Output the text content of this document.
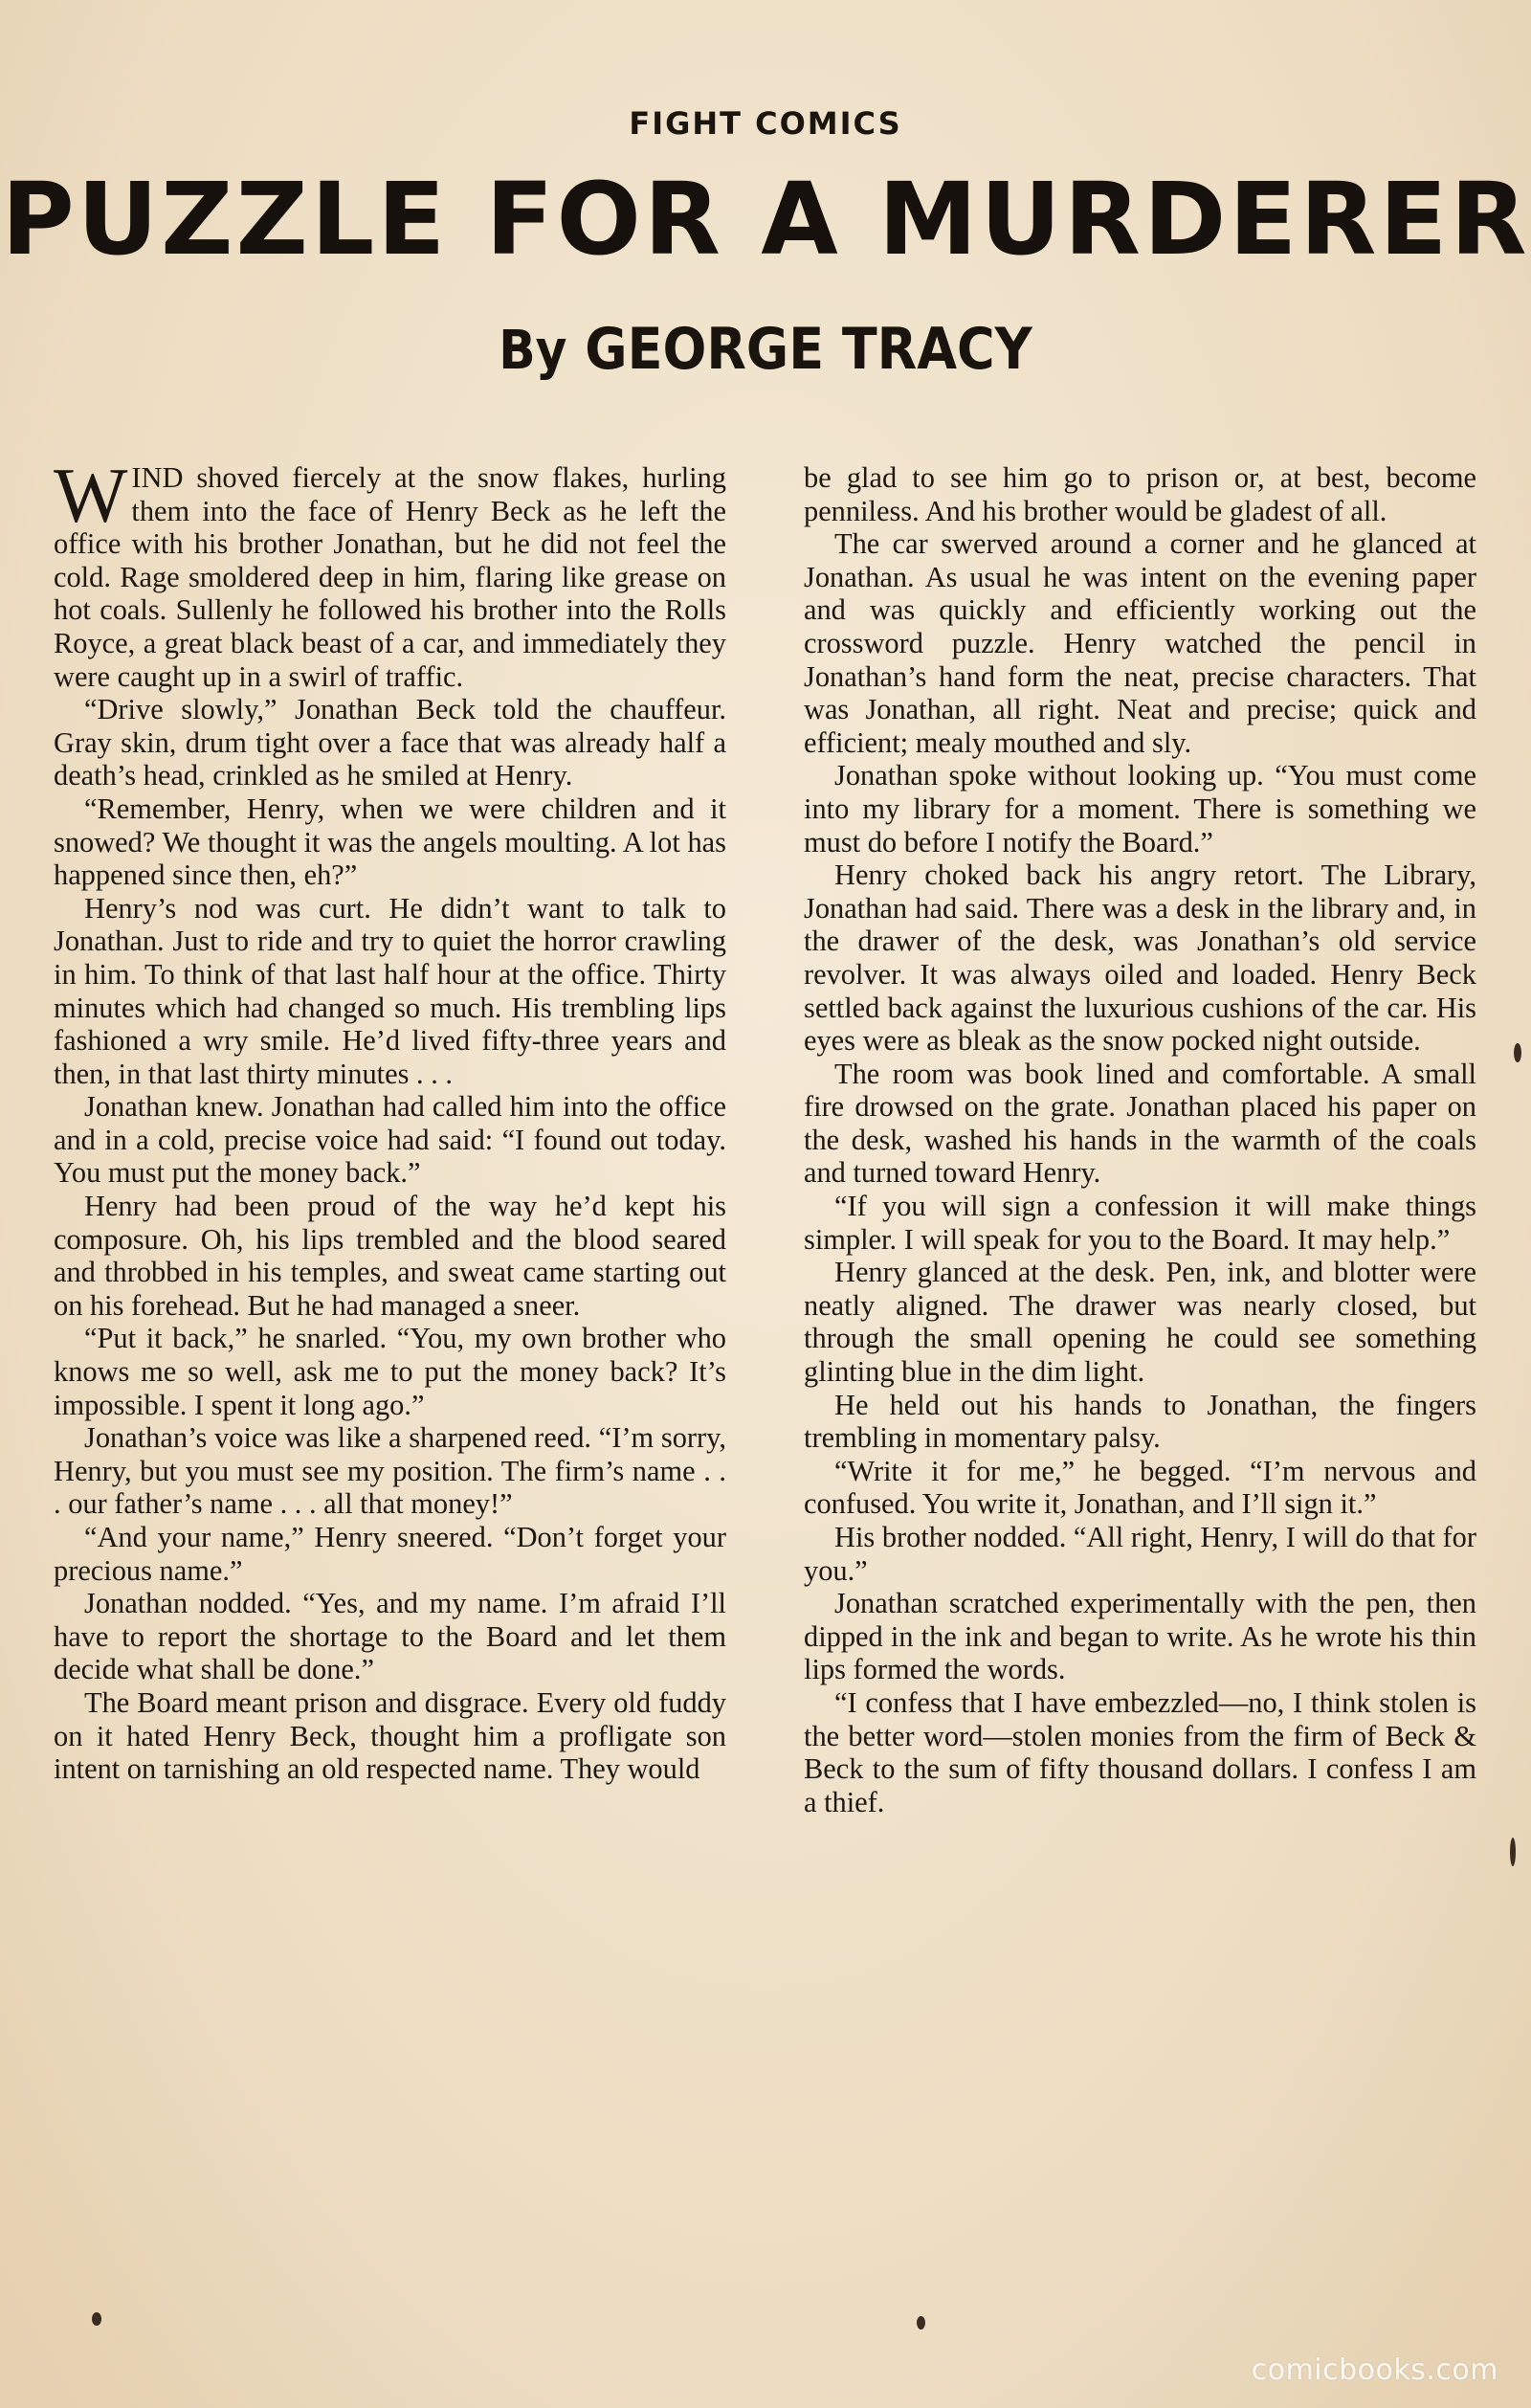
FIGHT COMICS
PUZZLE FOR A MURDERER
By GEORGE TRACY

WIND shoved fiercely at the snow flakes, hurling them into the face of Henry Beck as he left the office with his brother Jonathan, but he did not feel the cold. Rage smoldered deep in him, flaring like grease on hot coals. Sullenly he followed his brother into the Rolls Royce, a great black beast of a car, and immediately they were caught up in a swirl of traffic.

“Drive slowly,” Jonathan Beck told the chauffeur. Gray skin, drum tight over a face that was already half a death’s head, crinkled as he smiled at Henry.

“Remember, Henry, when we were children and it snowed? We thought it was the angels moulting. A lot has happened since then, eh?”

Henry’s nod was curt. He didn’t want to talk to Jonathan. Just to ride and try to quiet the horror crawling in him. To think of that last half hour at the office. Thirty minutes which had changed so much. His trembling lips fashioned a wry smile. He’d lived fifty-three years and then, in that last thirty minutes . . .

Jonathan knew. Jonathan had called him into the office and in a cold, precise voice had said: “I found out today. You must put the money back.”

Henry had been proud of the way he’d kept his composure. Oh, his lips trembled and the blood seared and throbbed in his temples, and sweat came starting out on his forehead. But he had managed a sneer.

“Put it back,” he snarled. “You, my own brother who knows me so well, ask me to put the money back? It’s impossible. I spent it long ago.”

Jonathan’s voice was like a sharpened reed. “I’m sorry, Henry, but you must see my position. The firm’s name . . . our father’s name . . . all that money!”

“And your name,” Henry sneered. “Don’t forget your precious name.”

Jonathan nodded. “Yes, and my name. I’m afraid I’ll have to report the shortage to the Board and let them decide what shall be done.”

The Board meant prison and disgrace. Every old fuddy on it hated Henry Beck, thought him a profligate son intent on tarnishing an old respected name. They would

be glad to see him go to prison or, at best, become penniless. And his brother would be gladest of all.

The car swerved around a corner and he glanced at Jonathan. As usual he was intent on the evening paper and was quickly and efficiently working out the crossword puzzle. Henry watched the pencil in Jonathan’s hand form the neat, precise characters. That was Jonathan, all right. Neat and precise; quick and efficient; mealy mouthed and sly.

Jonathan spoke without looking up. “You must come into my library for a moment. There is something we must do before I notify the Board.”

Henry choked back his angry retort. The Library, Jonathan had said. There was a desk in the library and, in the drawer of the desk, was Jonathan’s old service revolver. It was always oiled and loaded. Henry Beck settled back against the luxurious cushions of the car. His eyes were as bleak as the snow pocked night outside.

The room was book lined and comfortable. A small fire drowsed on the grate. Jonathan placed his paper on the desk, washed his hands in the warmth of the coals and turned toward Henry.

“If you will sign a confession it will make things simpler. I will speak for you to the Board. It may help.”

Henry glanced at the desk. Pen, ink, and blotter were neatly aligned. The drawer was nearly closed, but through the small opening he could see something glinting blue in the dim light.

He held out his hands to Jonathan, the fingers trembling in momentary palsy.

“Write it for me,” he begged. “I’m nervous and confused. You write it, Jonathan, and I’ll sign it.”

His brother nodded. “All right, Henry, I will do that for you.”

Jonathan scratched experimentally with the pen, then dipped in the ink and began to write. As he wrote his thin lips formed the words.

“I confess that I have embezzled—no, I think stolen is the better word—stolen monies from the firm of Beck & Beck to the sum of fifty thousand dollars. I confess I am a thief.

comicbooks.com
